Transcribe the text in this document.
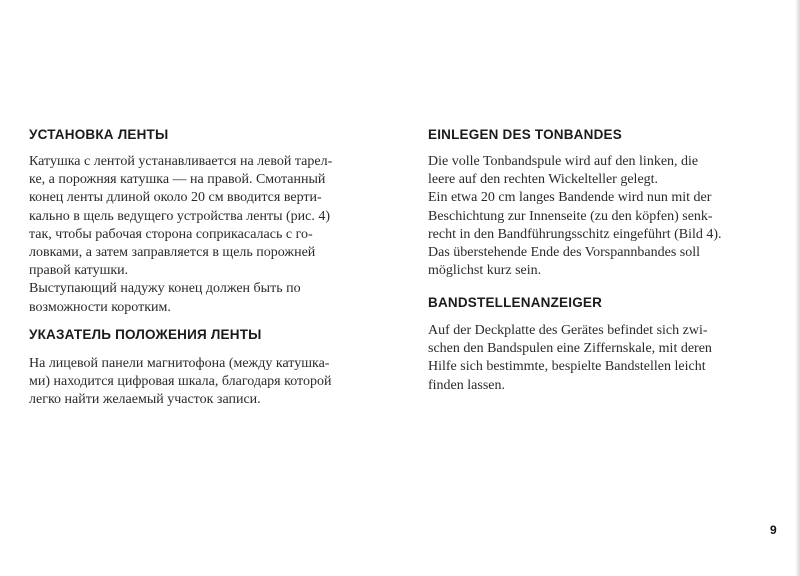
УСТАНОВКА ЛЕНТЫ
Катушка с лентой устанавливается на левой тарел-
ке, а порожняя катушка — на правой. Смотанный
конец ленты длиной около 20 см вводится верти-
кально в щель ведущего устройства ленты (рис. 4)
так, чтобы рабочая сторона соприкасалась с го-
ловками, а затем заправляется в щель порожней
правой катушки.
Выступающий надужу конец должен быть по
возможности коротким.
УКАЗАТЕЛЬ ПОЛОЖЕНИЯ ЛЕНТЫ
На лицевой панели магнитофона (между катушка-
ми) находится цифровая шкала, благодаря которой
легко найти желаемый участок записи.
EINLEGEN DES TONBANDES
Die volle Tonbandspule wird auf den linken, die
leere auf den rechten Wickelteller gelegt.
Ein etwa 20 cm langes Bandende wird nun mit der
Beschichtung zur Innenseite (zu den köpfen) senk-
recht in den Bandführungsschitz eingeführt (Bild 4).
Das überstehende Ende des Vorspannbandes soll
möglichst kurz sein.
BANDSTELLENANZEIGER
Auf der Deckplatte des Gerätes befindet sich zwi-
schen den Bandspulen eine Ziffernskale, mit deren
Hilfe sich bestimmte, bespielte Bandstellen leicht
finden lassen.
9
